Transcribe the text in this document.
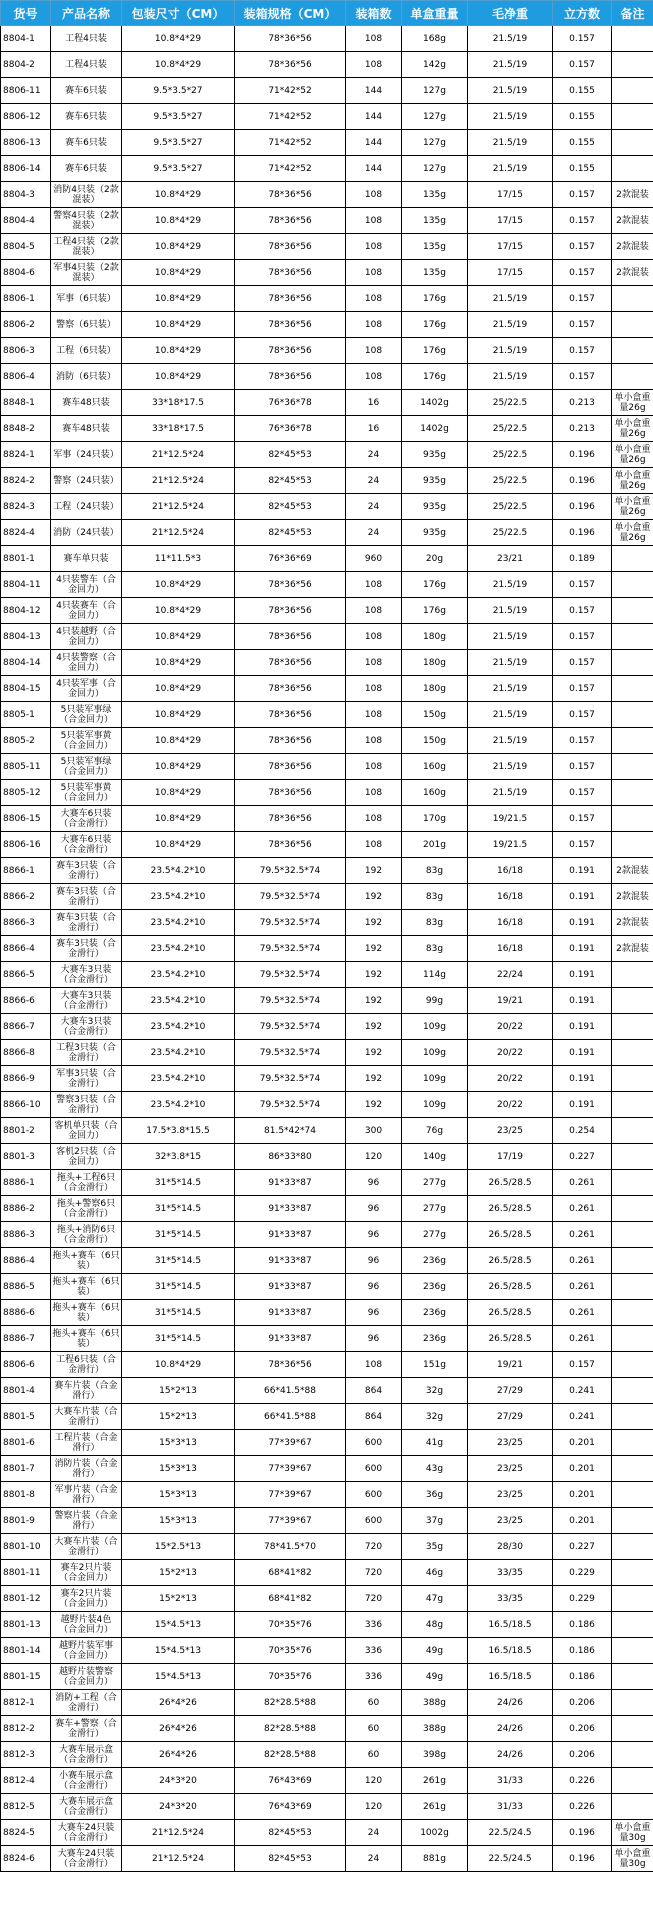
货号	产品名称	包装尺寸（CM）	装箱规格（CM）	装箱数	单盒重量	毛净重	立方数	备注
8804-1	工程4只装	10.8*4*29	78*36*56	108	168g	21.5/19	0.157	
8804-2	工程4只装	10.8*4*29	78*36*56	108	142g	21.5/19	0.157	
8806-11	赛车6只装	9.5*3.5*27	71*42*52	144	127g	21.5/19	0.155	
8806-12	赛车6只装	9.5*3.5*27	71*42*52	144	127g	21.5/19	0.155	
8806-13	赛车6只装	9.5*3.5*27	71*42*52	144	127g	21.5/19	0.155	
8806-14	赛车6只装	9.5*3.5*27	71*42*52	144	127g	21.5/19	0.155	
8804-3	消防4只装（2款混装）	10.8*4*29	78*36*56	108	135g	17/15	0.157	2款混装
8804-4	警察4只装（2款混装）	10.8*4*29	78*36*56	108	135g	17/15	0.157	2款混装
8804-5	工程4只装（2款混装）	10.8*4*29	78*36*56	108	135g	17/15	0.157	2款混装
8804-6	军事4只装（2款混装）	10.8*4*29	78*36*56	108	135g	17/15	0.157	2款混装
8806-1	军事（6只装）	10.8*4*29	78*36*56	108	176g	21.5/19	0.157	
8806-2	警察（6只装）	10.8*4*29	78*36*56	108	176g	21.5/19	0.157	
8806-3	工程（6只装）	10.8*4*29	78*36*56	108	176g	21.5/19	0.157	
8806-4	消防（6只装）	10.8*4*29	78*36*56	108	176g	21.5/19	0.157	
8848-1	赛车48只装	33*18*17.5	76*36*78	16	1402g	25/22.5	0.213	单小盒重量26g
8848-2	赛车48只装	33*18*17.5	76*36*78	16	1402g	25/22.5	0.213	单小盒重量26g
8824-1	军事（24只装）	21*12.5*24	82*45*53	24	935g	25/22.5	0.196	单小盒重量26g
8824-2	警察（24只装）	21*12.5*24	82*45*53	24	935g	25/22.5	0.196	单小盒重量26g
8824-3	工程（24只装）	21*12.5*24	82*45*53	24	935g	25/22.5	0.196	单小盒重量26g
8824-4	消防（24只装）	21*12.5*24	82*45*53	24	935g	25/22.5	0.196	单小盒重量26g
8801-1	赛车单只装	11*11.5*3	76*36*69	960	20g	23/21	0.189	
8804-11	4只装警车（合金回力）	10.8*4*29	78*36*56	108	176g	21.5/19	0.157	
8804-12	4只装赛车（合金回力）	10.8*4*29	78*36*56	108	176g	21.5/19	0.157	
8804-13	4只装越野（合金回力）	10.8*4*29	78*36*56	108	180g	21.5/19	0.157	
8804-14	4只装警察（合金回力）	10.8*4*29	78*36*56	108	180g	21.5/19	0.157	
8804-15	4只装军事（合金回力）	10.8*4*29	78*36*56	108	180g	21.5/19	0.157	
8805-1	5只装军事绿（合金回力）	10.8*4*29	78*36*56	108	150g	21.5/19	0.157	
8805-2	5只装军事黄（合金回力）	10.8*4*29	78*36*56	108	150g	21.5/19	0.157	
8805-11	5只装军事绿（合金回力）	10.8*4*29	78*36*56	108	160g	21.5/19	0.157	
8805-12	5只装军事黄（合金回力）	10.8*4*29	78*36*56	108	160g	21.5/19	0.157	
8806-15	大赛车6只装（合金滑行）	10.8*4*29	78*36*56	108	170g	19/21.5	0.157	
8806-16	大赛车6只装（合金滑行）	10.8*4*29	78*36*56	108	201g	19/21.5	0.157	
8866-1	赛车3只装（合金滑行）	23.5*4.2*10	79.5*32.5*74	192	83g	16/18	0.191	2款混装
8866-2	赛车3只装（合金滑行）	23.5*4.2*10	79.5*32.5*74	192	83g	16/18	0.191	2款混装
8866-3	赛车3只装（合金滑行）	23.5*4.2*10	79.5*32.5*74	192	83g	16/18	0.191	2款混装
8866-4	赛车3只装（合金滑行）	23.5*4.2*10	79.5*32.5*74	192	83g	16/18	0.191	2款混装
8866-5	大赛车3只装（合金滑行）	23.5*4.2*10	79.5*32.5*74	192	114g	22/24	0.191	
8866-6	大赛车3只装（合金滑行）	23.5*4.2*10	79.5*32.5*74	192	99g	19/21	0.191	
8866-7	大赛车3只装（合金滑行）	23.5*4.2*10	79.5*32.5*74	192	109g	20/22	0.191	
8866-8	工程3只装（合金滑行）	23.5*4.2*10	79.5*32.5*74	192	109g	20/22	0.191	
8866-9	军事3只装（合金滑行）	23.5*4.2*10	79.5*32.5*74	192	109g	20/22	0.191	
8866-10	警察3只装（合金滑行）	23.5*4.2*10	79.5*32.5*74	192	109g	20/22	0.191	
8801-2	客机单只装（合金回力）	17.5*3.8*15.5	81.5*42*74	300	76g	23/25	0.254	
8801-3	客机2只装（合金回力）	32*3.8*15	86*33*80	120	140g	17/19	0.227	
8886-1	拖头+工程6只（合金滑行）	31*5*14.5	91*33*87	96	277g	26.5/28.5	0.261	
8886-2	拖头+警察6只（合金滑行）	31*5*14.5	91*33*87	96	277g	26.5/28.5	0.261	
8886-3	拖头+消防6只（合金滑行）	31*5*14.5	91*33*87	96	277g	26.5/28.5	0.261	
8886-4	拖头+赛车（6只装）	31*5*14.5	91*33*87	96	236g	26.5/28.5	0.261	
8886-5	拖头+赛车（6只装）	31*5*14.5	91*33*87	96	236g	26.5/28.5	0.261	
8886-6	拖头+赛车（6只装）	31*5*14.5	91*33*87	96	236g	26.5/28.5	0.261	
8886-7	拖头+赛车（6只装）	31*5*14.5	91*33*87	96	236g	26.5/28.5	0.261	
8806-6	工程6只装（合金滑行）	10.8*4*29	78*36*56	108	151g	19/21	0.157	
8801-4	赛车片装（合金滑行）	15*2*13	66*41.5*88	864	32g	27/29	0.241	
8801-5	大赛车片装（合金滑行）	15*2*13	66*41.5*88	864	32g	27/29	0.241	
8801-6	工程片装（合金滑行）	15*3*13	77*39*67	600	41g	23/25	0.201	
8801-7	消防片装（合金滑行）	15*3*13	77*39*67	600	43g	23/25	0.201	
8801-8	军事片装（合金滑行）	15*3*13	77*39*67	600	36g	23/25	0.201	
8801-9	警察片装（合金滑行）	15*3*13	77*39*67	600	37g	23/25	0.201	
8801-10	大赛车片装（合金滑行）	15*2.5*13	78*41.5*70	720	35g	28/30	0.227	
8801-11	赛车2只片装（合金回力）	15*2*13	68*41*82	720	46g	33/35	0.229	
8801-12	赛车2只片装（合金回力）	15*2*13	68*41*82	720	47g	33/35	0.229	
8801-13	越野片装4色（合金回力）	15*4.5*13	70*35*76	336	48g	16.5/18.5	0.186	
8801-14	越野片装军事（合金回力）	15*4.5*13	70*35*76	336	49g	16.5/18.5	0.186	
8801-15	越野片装警察（合金回力）	15*4.5*13	70*35*76	336	49g	16.5/18.5	0.186	
8812-1	消防+工程（合金滑行）	26*4*26	82*28.5*88	60	388g	24/26	0.206	
8812-2	赛车+警察（合金滑行）	26*4*26	82*28.5*88	60	388g	24/26	0.206	
8812-3	大赛车展示盒（合金滑行）	26*4*26	82*28.5*88	60	398g	24/26	0.206	
8812-4	小赛车展示盒（合金滑行）	24*3*20	76*43*69	120	261g	31/33	0.226	
8812-5	大赛车展示盒（合金滑行）	24*3*20	76*43*69	120	261g	31/33	0.226	
8824-5	大赛车24只装（合金滑行）	21*12.5*24	82*45*53	24	1002g	22.5/24.5	0.196	单小盒重量30g
8824-6	大赛车24只装（合金滑行）	21*12.5*24	82*45*53	24	881g	22.5/24.5	0.196	单小盒重量30g
